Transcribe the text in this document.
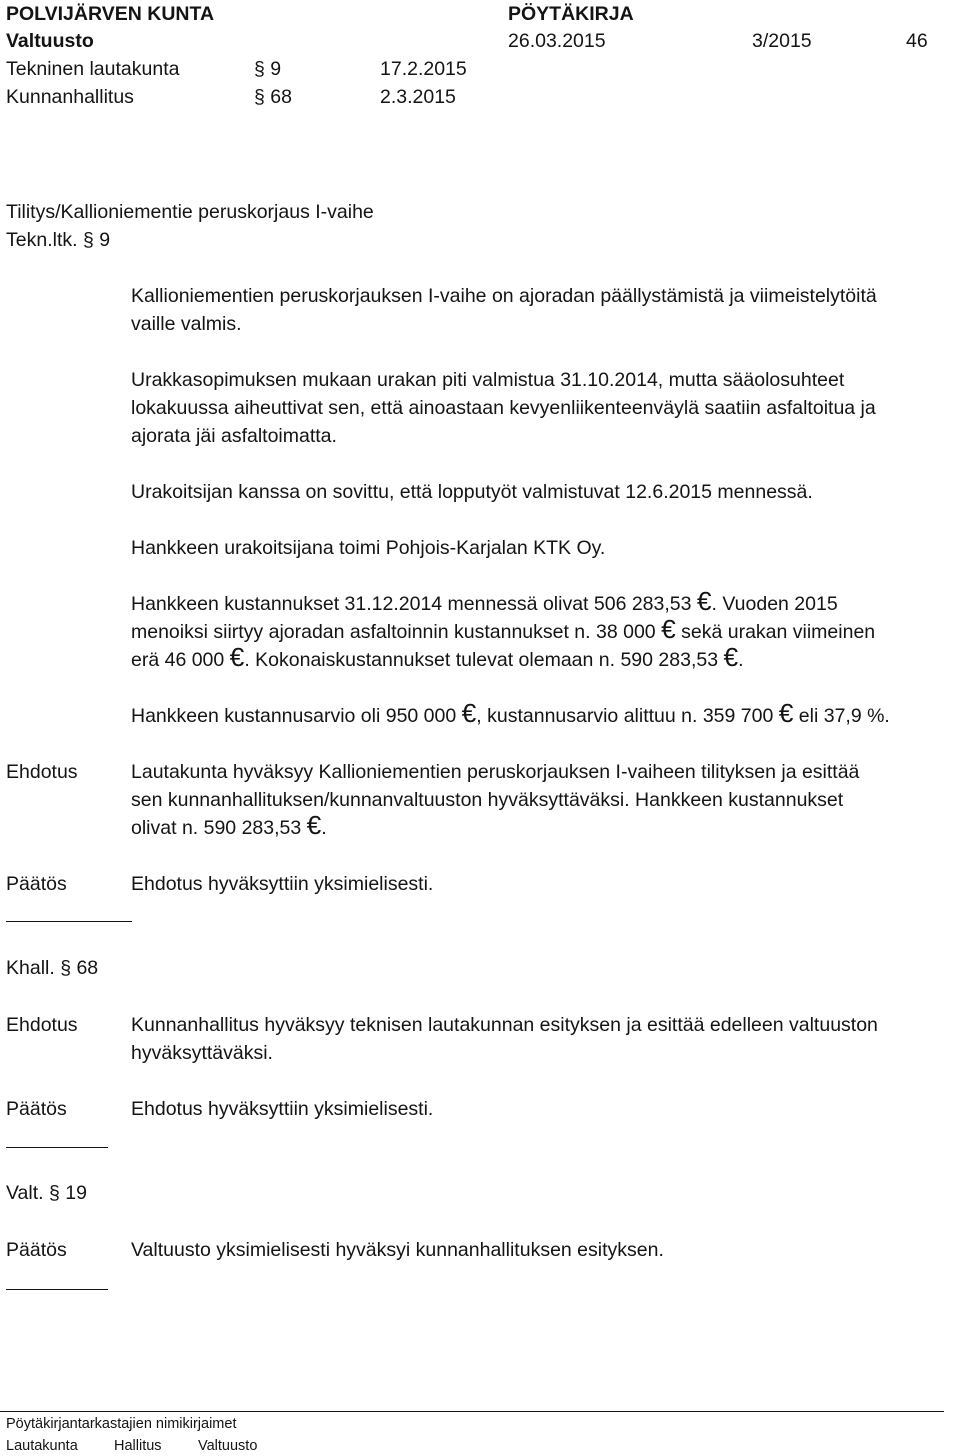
POLVIJÄRVEN KUNTA	PÖYTÄKIRJA
Valtuusto	26.03.2015	3/2015	46
Tekninen lautakunta	§ 9	17.2.2015
Kunnanhallitus	§ 68	2.3.2015
Tilitys/Kallioniementie peruskorjaus I-vaihe
Tekn.ltk. § 9
Kallioniementien peruskorjauksen I-vaihe on ajoradan päällystämistä ja viimeistelytöitä
vaille valmis.
Urakkasopimuksen mukaan urakan piti valmistua 31.10.2014, mutta sääolosuhteet
lokakuussa aiheuttivat sen, että ainoastaan kevyenliikenteenväylä saatiin asfaltoitua ja
ajorata jäi asfaltoimatta.
Urakoitsijan kanssa on sovittu, että lopputyöt valmistuvat 12.6.2015 mennessä.
Hankkeen urakoitsijana toimi Pohjois-Karjalan KTK Oy.
Hankkeen kustannukset 31.12.2014 mennessä olivat 506 283,53 €. Vuoden 2015
menoiksi siirtyy ajoradan asfaltoinnin kustannukset n. 38 000 € sekä urakan viimeinen
erä 46 000 €. Kokonaiskustannukset tulevat olemaan n. 590 283,53 €.
Hankkeen kustannusarvio oli 950 000 €, kustannusarvio alittuu n. 359 700 € eli 37,9 %.
Ehdotus	Lautakunta hyväksyy Kallioniementien peruskorjauksen I-vaiheen tilityksen ja esittää
sen kunnanhallituksen/kunnanvaltuuston hyväksyttäväksi. Hankkeen kustannukset
olivat n. 590 283,53 €.
Päätös	Ehdotus hyväksyttiin yksimielisesti.
Khall. § 68
Ehdotus	Kunnanhallitus hyväksyy teknisen lautakunnan esityksen ja esittää edelleen valtuuston
hyväksyttäväksi.
Päätös	Ehdotus hyväksyttiin yksimielisesti.
Valt. § 19
Päätös	Valtuusto yksimielisesti hyväksyi kunnanhallituksen esityksen.
Pöytäkirjantarkastajien nimikirjaimet
Lautakunta Hallitus	Valtuusto
